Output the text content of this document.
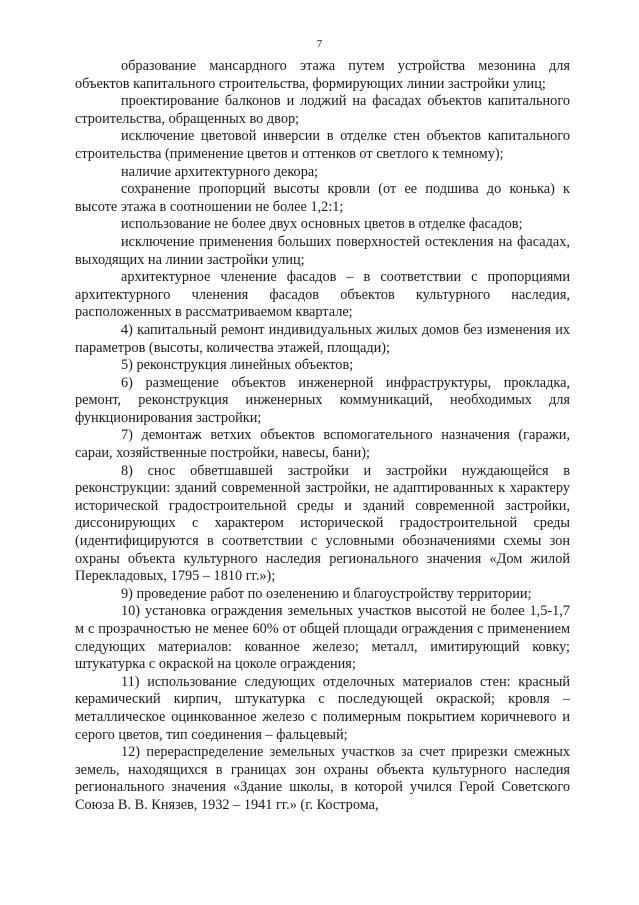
7

образование мансардного этажа путем устройства мезонина для объектов капитального строительства, формирующих линии застройки улиц;

проектирование балконов и лоджий на фасадах объектов капитального строительства, обращенных во двор;

исключение цветовой инверсии в отделке стен объектов капитального строительства (применение цветов и оттенков от светлого к темному);

наличие архитектурного декора;

сохранение пропорций высоты кровли (от ее подшива до конька) к высоте этажа в соотношении не более 1,2:1;

использование не более двух основных цветов в отделке фасадов;

исключение применения больших поверхностей остекления на фасадах, выходящих на линии застройки улиц;

архитектурное членение фасадов – в соответствии с пропорциями архитектурного членения фасадов объектов культурного наследия, расположенных в рассматриваемом квартале;

4) капитальный ремонт индивидуальных жилых домов без изменения их параметров (высоты, количества этажей, площади);

5) реконструкция линейных объектов;

6) размещение объектов инженерной инфраструктуры, прокладка, ремонт, реконструкция инженерных коммуникаций, необходимых для функционирования застройки;

7) демонтаж ветхих объектов вспомогательного назначения (гаражи, сараи, хозяйственные постройки, навесы, бани);

8) снос обветшавшей застройки и застройки нуждающейся в реконструкции: зданий современной застройки, не адаптированных к характеру исторической градостроительной среды и зданий современной застройки, диссонирующих с характером исторической градостроительной среды (идентифицируются в соответствии с условными обозначениями схемы зон охраны объекта культурного наследия регионального значения «Дом жилой Перекладовых, 1795 – 1810 гг.»);

9) проведение работ по озеленению и благоустройству территории;

10) установка ограждения земельных участков высотой не более 1,5-1,7 м с прозрачностью не менее 60% от общей площади ограждения с применением следующих материалов: кованное железо; металл, имитирующий ковку; штукатурка с окраской на цоколе ограждения;

11) использование следующих отделочных материалов стен: красный керамический кирпич, штукатурка с последующей окраской; кровля – металлическое оцинкованное железо с полимерным покрытием коричневого и серого цветов, тип соединения – фальцевый;

12) перераспределение земельных участков за счет прирезки смежных земель, находящихся в границах зон охраны объекта культурного наследия регионального значения «Здание школы, в которой учился Герой Советского Союза В. В. Князев, 1932 – 1941 гг.» (г. Кострома,
